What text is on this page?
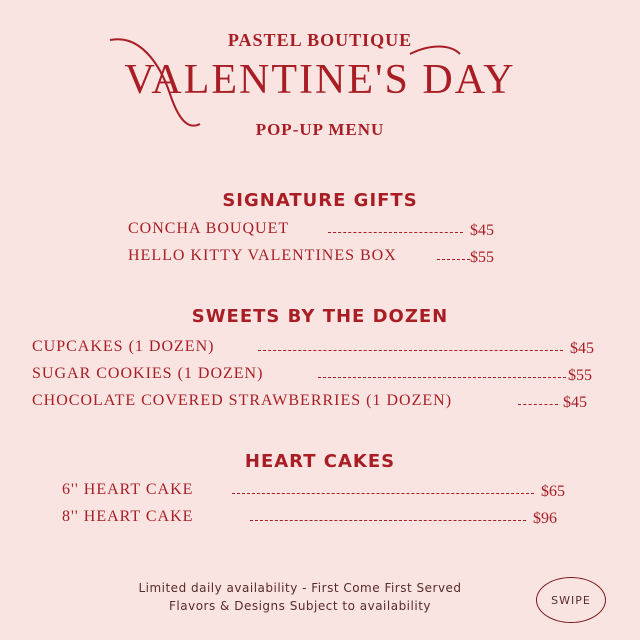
PASTEL BOUTIQUE
VALENTINE'S DAY
POP-UP MENU
SIGNATURE GIFTS
CONCHA BOUQUET	$45
HELLO KITTY VALENTINES BOX	$55
SWEETS BY THE DOZEN
CUPCAKES (1 DOZEN)	$45
SUGAR COOKIES (1 DOZEN)	$55
CHOCOLATE COVERED STRAWBERRIES (1 DOZEN)	$45
HEART CAKES
6'' HEART CAKE	$65
8'' HEART CAKE	$96
Limited daily availability - First Come First Served
Flavors & Designs Subject to availability	SWIPE
